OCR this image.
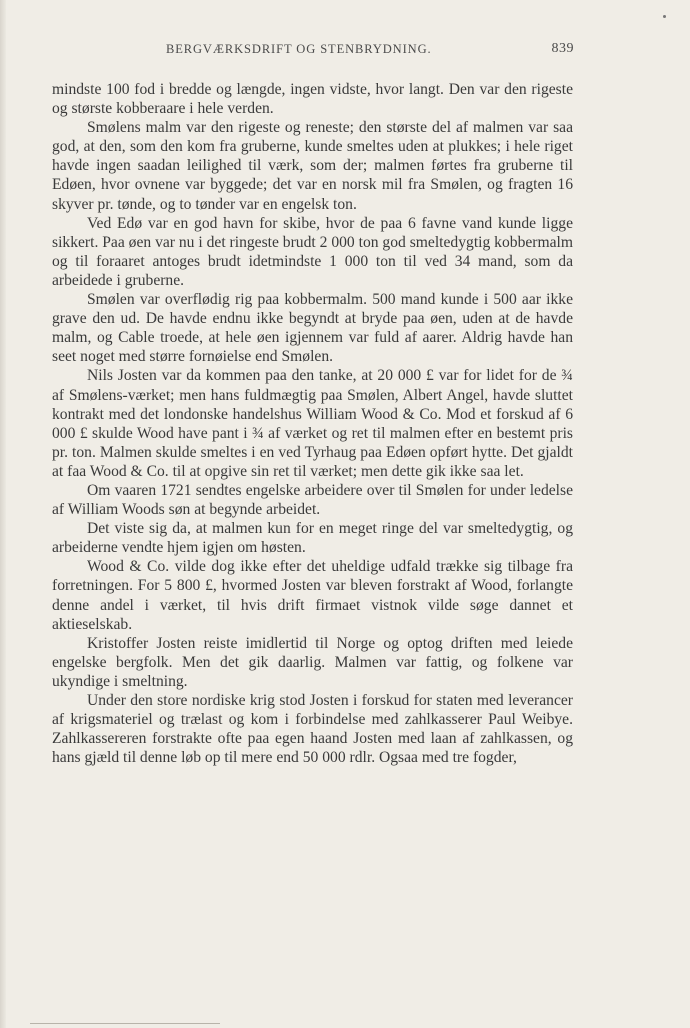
BERGVÆRKSDRIFT OG STENBRYDNING.	839

mindste 100 fod i bredde og længde, ingen vidste, hvor langt. Den var den rigeste og største kobberaare i hele verden.

Smølens malm var den rigeste og reneste; den største del af malmen var saa god, at den, som den kom fra gruberne, kunde smeltes uden at plukkes; i hele riget havde ingen saadan leilighed til værk, som der; malmen førtes fra gruberne til Edøen, hvor ovnene var byggede; det var en norsk mil fra Smølen, og fragten 16 skyver pr. tønde, og to tønder var en engelsk ton.

Ved Edø var en god havn for skibe, hvor de paa 6 favne vand kunde ligge sikkert. Paa øen var nu i det ringeste brudt 2 000 ton god smeltedygtig kobbermalm og til foraaret antoges brudt idetmindste 1 000 ton til ved 34 mand, som da arbeidede i gruberne.

Smølen var overflødig rig paa kobbermalm. 500 mand kunde i 500 aar ikke grave den ud. De havde endnu ikke begyndt at bryde paa øen, uden at de havde malm, og Cable troede, at hele øen igjennem var fuld af aarer. Aldrig havde han seet noget med større fornøielse end Smølen.

Nils Josten var da kommen paa den tanke, at 20 000 £ var for lidet for de ¾ af Smølens-værket; men hans fuldmægtig paa Smølen, Albert Angel, havde sluttet kontrakt med det londonske handelshus William Wood & Co. Mod et forskud af 6 000 £ skulde Wood have pant i ¾ af værket og ret til malmen efter en bestemt pris pr. ton. Malmen skulde smeltes i en ved Tyrhaug paa Edøen opført hytte. Det gjaldt at faa Wood & Co. til at opgive sin ret til værket; men dette gik ikke saa let.

Om vaaren 1721 sendtes engelske arbeidere over til Smølen for under ledelse af William Woods søn at begynde arbeidet.

Det viste sig da, at malmen kun for en meget ringe del var smeltedygtig, og arbeiderne vendte hjem igjen om høsten.

Wood & Co. vilde dog ikke efter det uheldige udfald trække sig tilbage fra forretningen. For 5 800 £, hvormed Josten var bleven forstrakt af Wood, forlangte denne andel i værket, til hvis drift firmaet vistnok vilde søge dannet et aktieselskab.

Kristoffer Josten reiste imidlertid til Norge og optog driften med leiede engelske bergfolk. Men det gik daarlig. Malmen var fattig, og folkene var ukyndige i smeltning.

Under den store nordiske krig stod Josten i forskud for staten med leverancer af krigsmateriel og trælast og kom i forbindelse med zahlkasserer Paul Weibye. Zahlkassereren forstrakte ofte paa egen haand Josten med laan af zahlkassen, og hans gjæld til denne løb op til mere end 50 000 rdlr. Ogsaa med tre fogder,
